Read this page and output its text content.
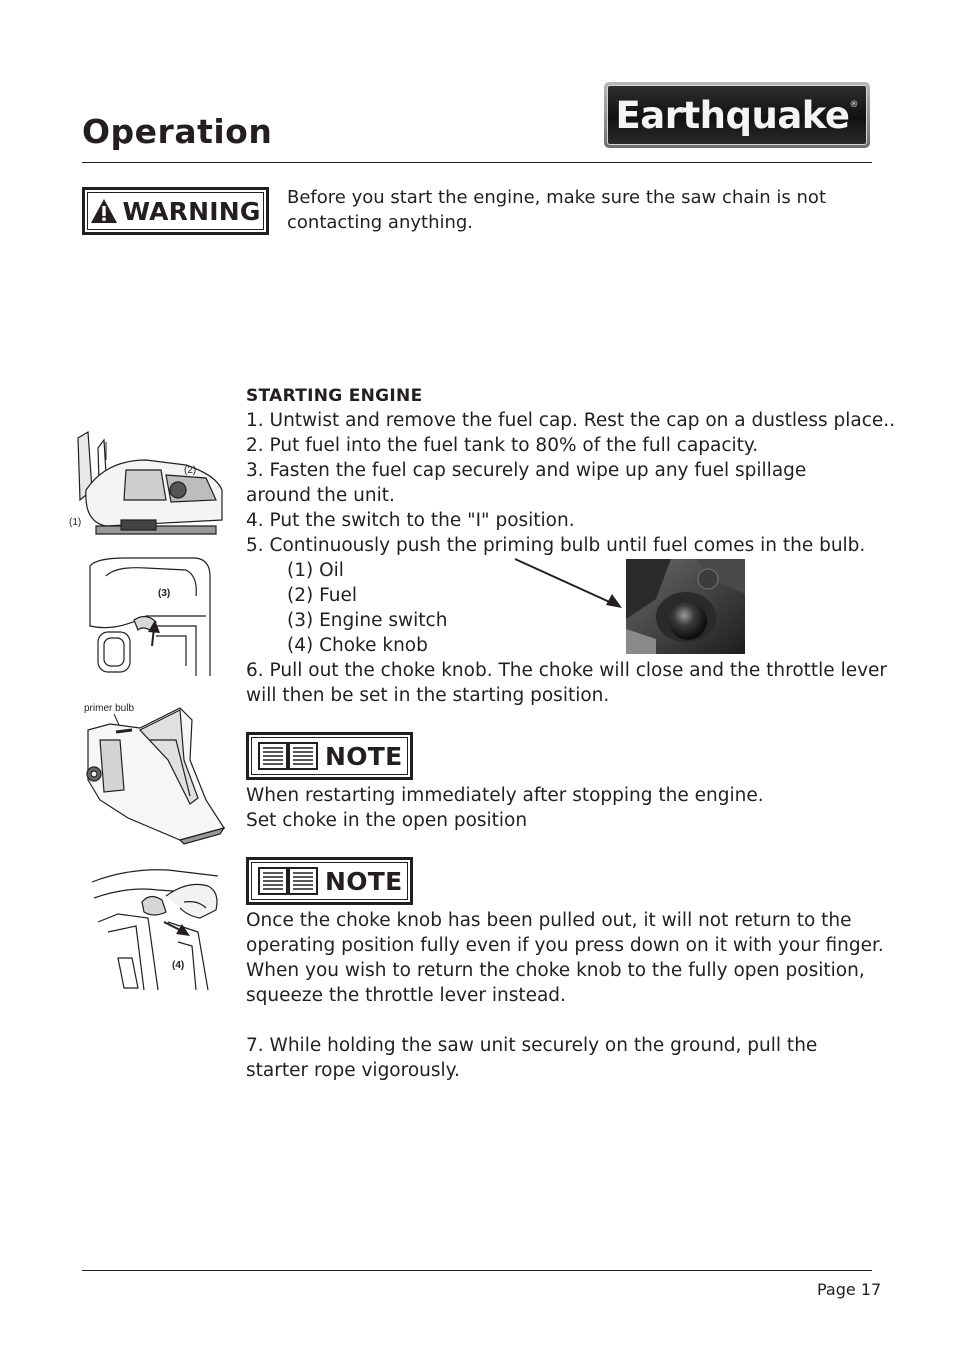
Operation	Earthquake ®
WARNING Before you start the engine, make sure the saw chain is not
contacting anything.
STARTING ENGINE
1. Untwist and remove the fuel cap. Rest the cap on a dustless place..
2. Put fuel into the fuel tank to 80% of the full capacity.
3. Fasten the fuel cap securely and wipe up any fuel spillage
around the unit.
4. Put the switch to the "I" position.
5. Continuously push the priming bulb until fuel comes in the bulb.
(1) Oil
(2) Fuel
(3) Engine switch
(4) Choke knob
6. Pull out the choke knob. The choke will close and the throttle lever
will then be set in the starting position.
NOTE
When restarting immediately after stopping the engine.
Set choke in the open position
NOTE
Once the choke knob has been pulled out, it will not return to the
operating position fully even if you press down on it with your finger.
When you wish to return the choke knob to the fully open position,
squeeze the throttle lever instead.
7. While holding the saw unit securely on the ground, pull the
starter rope vigorously.
(2)
(1)
(3)
primer bulb
(4)
Page 17
